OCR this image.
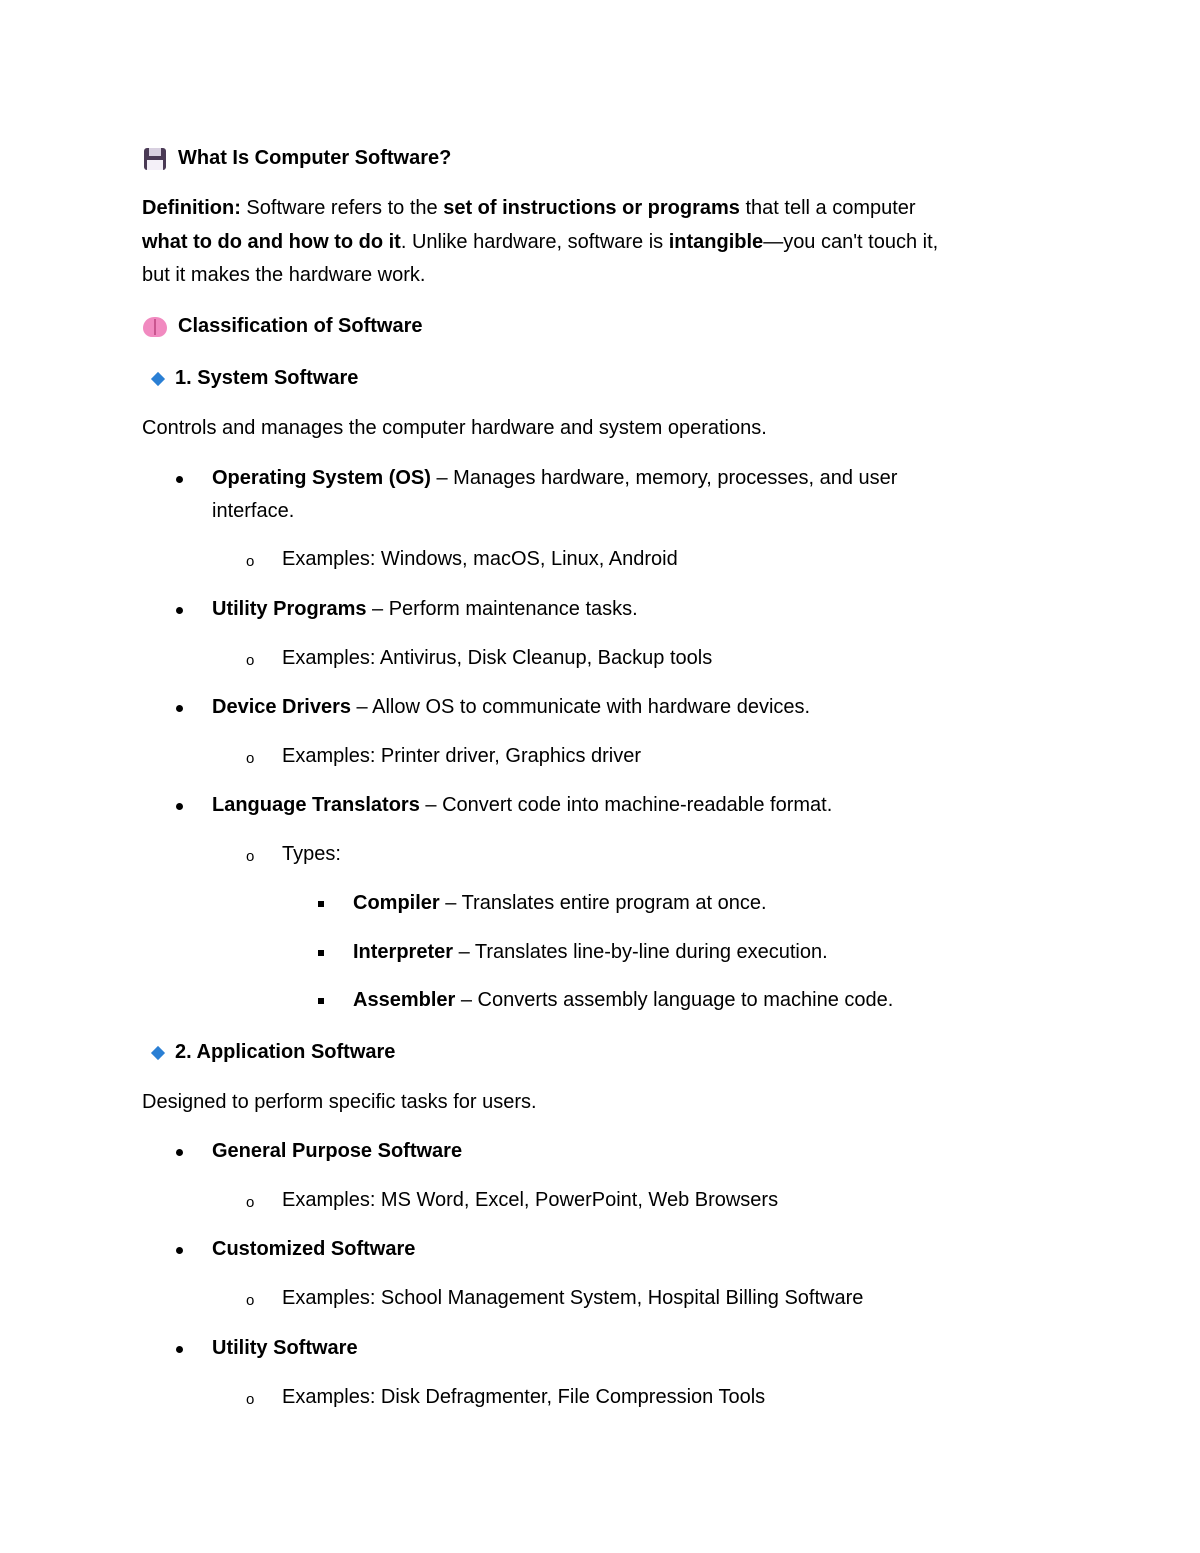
What Is Computer Software?
Definition: Software refers to the set of instructions or programs that tell a computer
what to do and how to do it. Unlike hardware, software is intangible—you can't touch it,
but it makes the hardware work.
Classification of Software
1. System Software
Controls and manages the computer hardware and system operations.
Operating System (OS) – Manages hardware, memory, processes, and user
interface.
o Examples: Windows, macOS, Linux, Android
Utility Programs – Perform maintenance tasks.
o Examples: Antivirus, Disk Cleanup, Backup tools
Device Drivers – Allow OS to communicate with hardware devices.
o Examples: Printer driver, Graphics driver
Language Translators – Convert code into machine-readable format.
o Types:
Compiler – Translates entire program at once.
Interpreter – Translates line-by-line during execution.
Assembler – Converts assembly language to machine code.
2. Application Software
Designed to perform specific tasks for users.
General Purpose Software
o Examples: MS Word, Excel, PowerPoint, Web Browsers
Customized Software
o Examples: School Management System, Hospital Billing Software
Utility Software
o Examples: Disk Defragmenter, File Compression Tools
